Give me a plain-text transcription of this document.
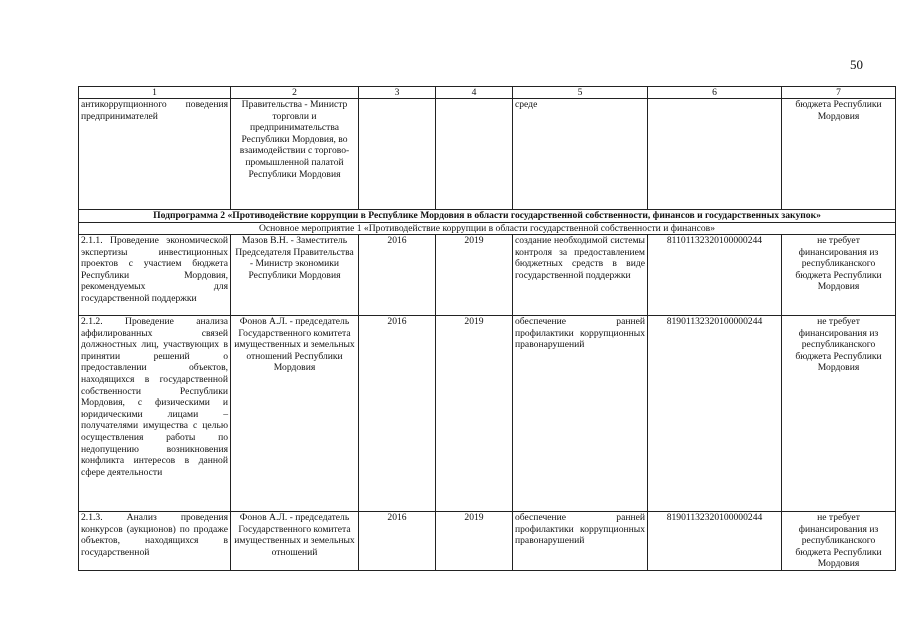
50
1	2	3	4	5	6	7
антикоррупционного поведения предпринимателей	Правительства - Министр торговли и предпринимательства Республики Мордовия, во взаимодействии с торгово-промышленной палатой Республики Мордовия			среде		бюджета Республики Мордовия
Подпрограмма 2 «Противодействие коррупции в Республике Мордовия в области государственной собственности, финансов и государственных закупок»						
Основное мероприятие 1 «Противодействие коррупции в области государственной собственности и финансов»						
2.1.1. Проведение экономической экспертизы инвестиционных проектов с участием бюджета Республики Мордовия, рекомендуемых для государственной поддержки	Мазов В.Н. - Заместитель Председателя Правительства - Министр экономики Республики Мордовия	2016	2019	создание необходимой системы контроля за предоставлением бюджетных средств в виде государственной поддержки	81101132320100000244	не требует финансирования из республиканского бюджета Республики Мордовия
2.1.2. Проведение анализа аффилированных связей должностных лиц, участвующих в принятии решений о предоставлении объектов, находящихся в государственной собственности Республики Мордовия, с физическими и юридическими лицами – получателями имущества с целью осуществления работы по недопущению возникновения конфликта интересов в данной сфере деятельности	Фонов А.Л. - председатель Государственного комитета имущественных и земельных отношений Республики Мордовия	2016	2019	обеспечение ранней профилактики коррупционных правонарушений	81901132320100000244	не требует финансирования из республиканского бюджета Республики Мордовия
2.1.3. Анализ проведения конкурсов (аукционов) по продаже объектов, находящихся в государственной	Фонов А.Л. - председатель Государственного комитета имущественных и земельных отношений	2016	2019	обеспечение ранней профилактики коррупционных правонарушений	81901132320100000244	не требует финансирования из республиканского бюджета Республики Мордовия
